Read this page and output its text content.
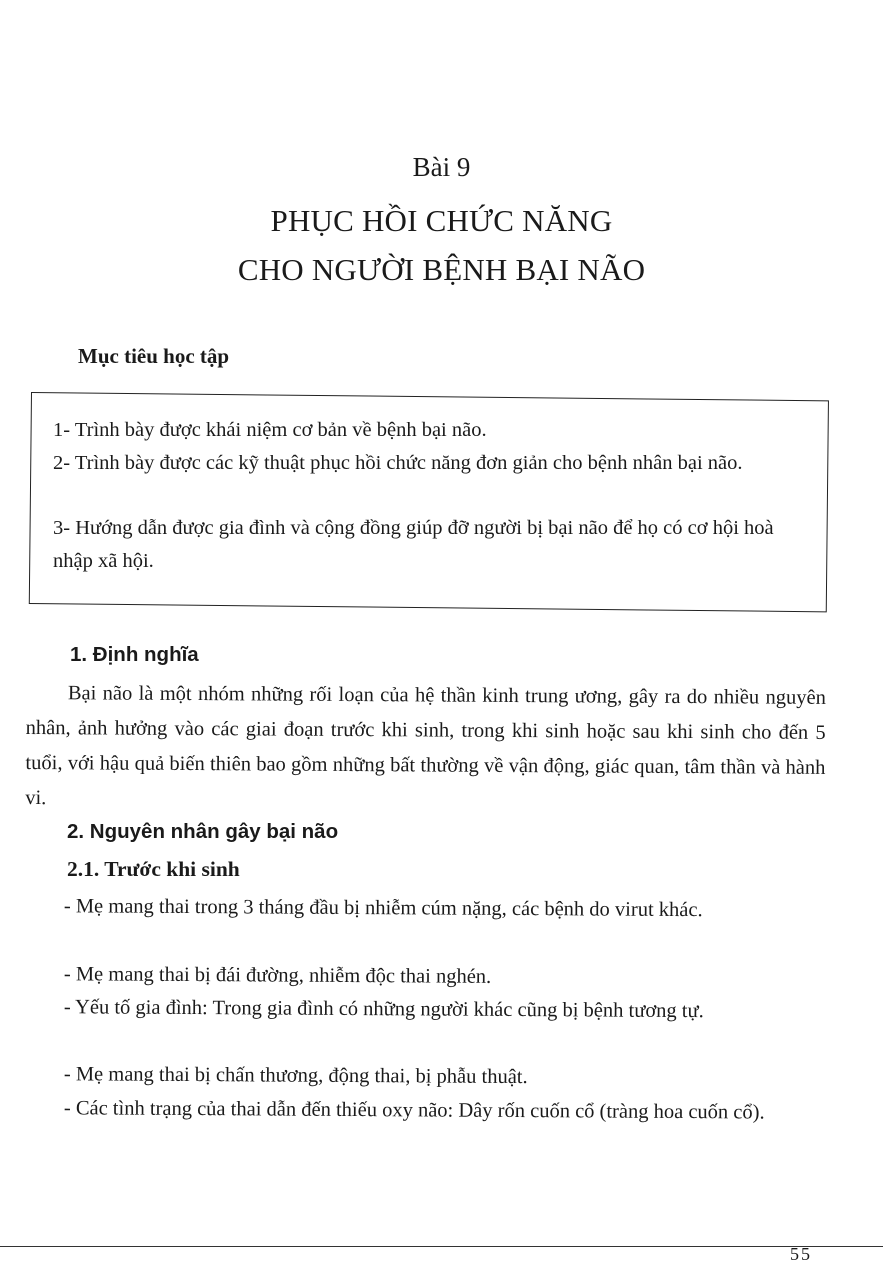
Bài 9
PHỤC HỒI CHỨC NĂNG
CHO NGƯỜI BỆNH BẠI NÃO
Mục tiêu học tập
1- Trình bày được khái niệm cơ bản về bệnh bại não.
2- Trình bày được các kỹ thuật phục hồi chức năng đơn giản cho bệnh nhân bại não.
3- Hướng dẫn được gia đình và cộng đồng giúp đỡ người bị bại não để họ có cơ hội hoà nhập xã hội.
1. Định nghĩa
Bại não là một nhóm những rối loạn của hệ thần kinh trung ương, gây ra do nhiều nguyên nhân, ảnh hưởng vào các giai đoạn trước khi sinh, trong khi sinh hoặc sau khi sinh cho đến 5 tuổi, với hậu quả biến thiên bao gồm những bất thường về vận động, giác quan, tâm thần và hành vi.
2. Nguyên nhân gây bại não
2.1. Trước khi sinh
- Mẹ mang thai trong 3 tháng đầu bị nhiễm cúm nặng, các bệnh do virut khác.
- Mẹ mang thai bị đái đường, nhiễm độc thai nghén.
- Yếu tố gia đình: Trong gia đình có những người khác cũng bị bệnh tương tự.
- Mẹ mang thai bị chấn thương, động thai, bị phẫu thuật.
- Các tình trạng của thai dẫn đến thiếu oxy não: Dây rốn cuốn cổ (tràng hoa cuốn cổ).
55
